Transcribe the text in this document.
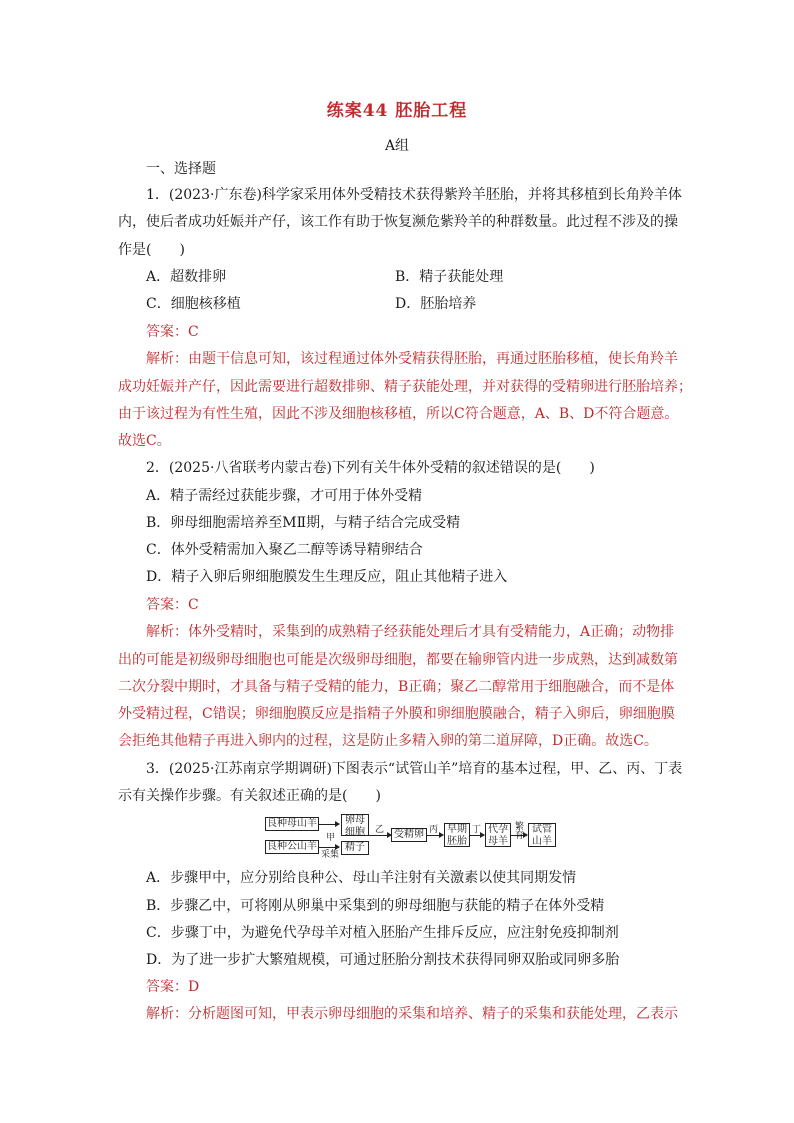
练案44 胚胎工程
A组
一、选择题
1．(2023·广东卷)科学家采用体外受精技术获得紫羚羊胚胎，并将其移植到长角羚羊体
内，使后者成功妊娠并产仔，该工作有助于恢复濒危紫羚羊的种群数量。此过程不涉及的操
作是(　　)
A．超数排卵	B．精子获能处理
C．细胞核移植	D．胚胎培养
答案：C
解析：由题干信息可知，该过程通过体外受精获得胚胎，再通过胚胎移植，使长角羚羊
成功妊娠并产仔，因此需要进行超数排卵、精子获能处理，并对获得的受精卵进行胚胎培养；
由于该过程为有性生殖，因此不涉及细胞核移植，所以C符合题意，A、B、D不符合题意。
故选C。
2．(2025·八省联考内蒙古卷)下列有关牛体外受精的叙述错误的是(　　)
A．精子需经过获能步骤，才可用于体外受精
B．卵母细胞需培养至MⅡ期，与精子结合完成受精
C．体外受精需加入聚乙二醇等诱导精卵结合
D．精子入卵后卵细胞膜发生生理反应，阻止其他精子进入
答案：C
解析：体外受精时，采集到的成熟精子经获能处理后才具有受精能力，A正确；动物排
出的可能是初级卵母细胞也可能是次级卵母细胞，都要在输卵管内进一步成熟，达到减数第
二次分裂中期时，才具备与精子受精的能力，B正确；聚乙二醇常用于细胞融合，而不是体
外受精过程，C错误；卵细胞膜反应是指精子外膜和卵细胞膜融合，精子入卵后，卵细胞膜
会拒绝其他精子再进入卵内的过程，这是防止多精入卵的第二道屏障，D正确。故选C。
3．(2025·江苏南京学期调研)下图表示“试管山羊”培育的基本过程，甲、乙、丙、丁表
示有关操作步骤。有关叙述正确的是(　　)
良种母山羊
良种公山羊
甲
采集
卵母
细胞
精子
乙 受精卵 丙 早期
胚胎
丁 代孕
母羊
繁
育
试管
山羊
A．步骤甲中，应分别给良种公、母山羊注射有关激素以使其同期发情
B．步骤乙中，可将刚从卵巢中采集到的卵母细胞与获能的精子在体外受精
C．步骤丁中，为避免代孕母羊对植入胚胎产生排斥反应，应注射免疫抑制剂
D．为了进一步扩大繁殖规模，可通过胚胎分割技术获得同卵双胎或同卵多胎
答案：D
解析：分析题图可知，甲表示卵母细胞的采集和培养、精子的采集和获能处理，乙表示
